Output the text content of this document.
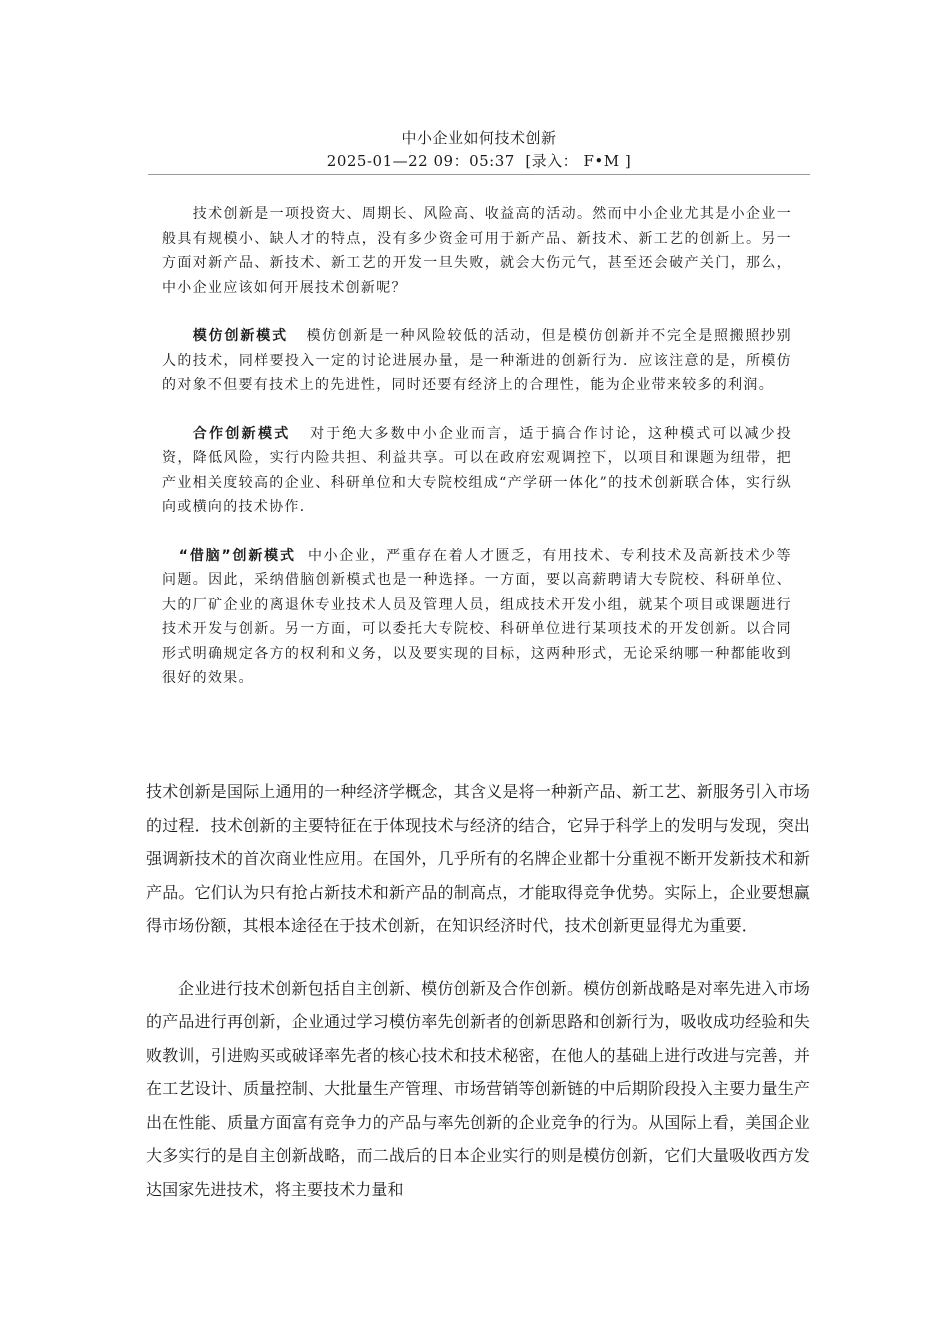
中小企业如何技术创新
2025-01—22 09：05:37  [录入： F•M ]

技术创新是一项投资大、周期长、风险高、收益高的活动。然而中小企业尤其是小企业一般具有规模小、缺人才的特点，没有多少资金可用于新产品、新技术、新工艺的创新上。另一方面对新产品、新技术、新工艺的开发一旦失败，就会大伤元气，甚至还会破产关门，那么，中小企业应该如何开展技术创新呢？

模仿创新模式 模仿创新是一种风险较低的活动，但是模仿创新并不完全是照搬照抄别人的技术，同样要投入一定的讨论进展办量，是一种渐进的创新行为．应该注意的是，所模仿的对象不但要有技术上的先进性，同时还要有经济上的合理性，能为企业带来较多的利润。

合作创新模式 对于绝大多数中小企业而言，适于搞合作讨论，这种模式可以减少投资，降低风险，实行内险共担、利益共享。可以在政府宏观调控下，以项目和课题为纽带，把产业相关度较高的企业、科研单位和大专院校组成“产学研一体化”的技术创新联合体，实行纵向或横向的技术协作．

“借脑”创新模式 中小企业，严重存在着人才匮乏，有用技术、专利技术及高新技术少等问题。因此，采纳借脑创新模式也是一种选择。一方面，要以高薪聘请大专院校、科研单位、大的厂矿企业的离退休专业技术人员及管理人员，组成技术开发小组，就某个项目或课题进行技术开发与创新。另一方面，可以委托大专院校、科研单位进行某项技术的开发创新。以合同形式明确规定各方的权利和义务，以及要实现的目标，这两种形式，无论采纳哪一种都能收到很好的效果。

技术创新是国际上通用的一种经济学概念，其含义是将一种新产品、新工艺、新服务引入市场的过程．技术创新的主要特征在于体现技术与经济的结合，它异于科学上的发明与发现，突出强调新技术的首次商业性应用。在国外，几乎所有的名牌企业都十分重视不断开发新技术和新产品。它们认为只有抢占新技术和新产品的制高点，才能取得竞争优势。实际上，企业要想赢得市场份额，其根本途径在于技术创新，在知识经济时代，技术创新更显得尤为重要．

企业进行技术创新包括自主创新、模仿创新及合作创新。模仿创新战略是对率先进入市场的产品进行再创新，企业通过学习模仿率先创新者的创新思路和创新行为，吸收成功经验和失败教训，引进购买或破译率先者的核心技术和技术秘密，在他人的基础上进行改进与完善，并在工艺设计、质量控制、大批量生产管理、市场营销等创新链的中后期阶段投入主要力量生产出在性能、质量方面富有竞争力的产品与率先创新的企业竞争的行为。从国际上看，美国企业大多实行的是自主创新战略，而二战后的日本企业实行的则是模仿创新，它们大量吸收西方发达国家先进技术，将主要技术力量和
